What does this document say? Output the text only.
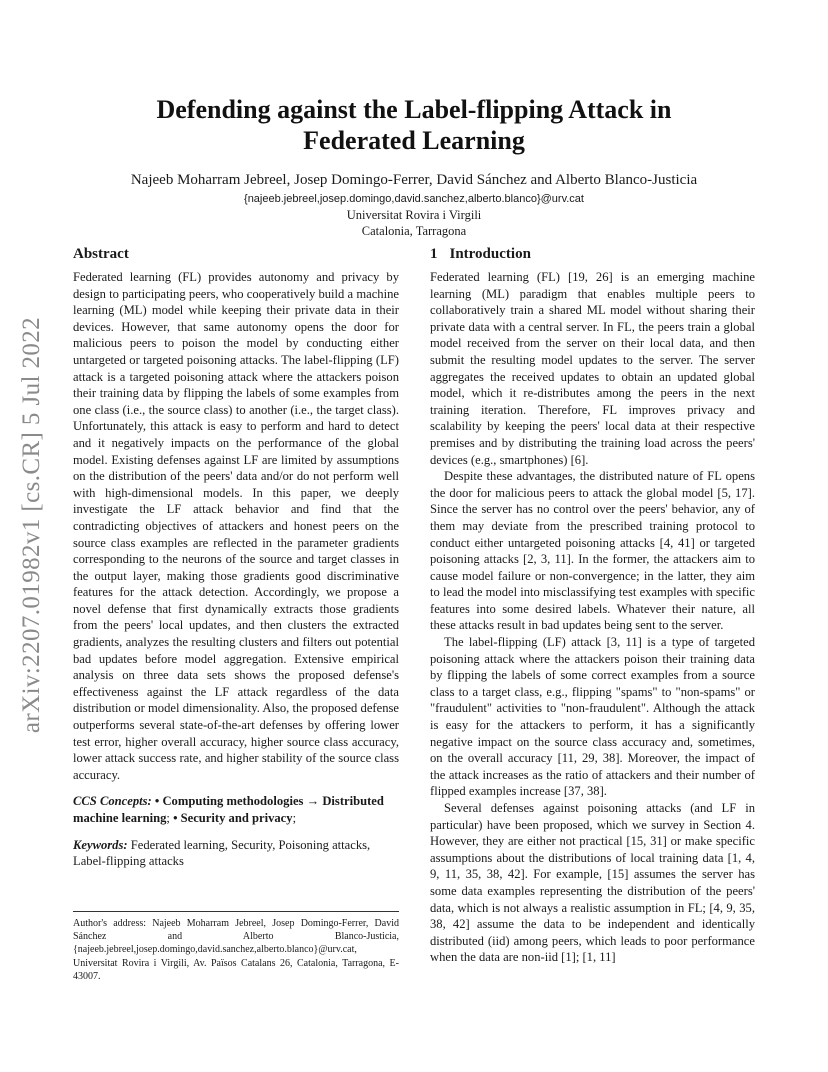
arXiv:2207.01982v1 [cs.CR] 5 Jul 2022
Defending against the Label-flipping Attack in
Federated Learning
Najeeb Moharram Jebreel, Josep Domingo-Ferrer, David Sánchez and Alberto Blanco-Justicia
{najeeb.jebreel,josep.domingo,david.sanchez,alberto.blanco}@urv.cat
Universitat Rovira i Virgili
Catalonia, Tarragona
Abstract

Federated learning (FL) provides autonomy and privacy by design to participating peers, who cooperatively build a machine learning (ML) model while keeping their private data in their devices. However, that same autonomy opens the door for malicious peers to poison the model by conducting either untargeted or targeted poisoning attacks. The label-flipping (LF) attack is a targeted poisoning attack where the attackers poison their training data by flipping the labels of some examples from one class (i.e., the source class) to another (i.e., the target class). Unfortunately, this attack is easy to perform and hard to detect and it negatively impacts on the performance of the global model. Existing defenses against LF are limited by assumptions on the distribution of the peers' data and/or do not perform well with high-dimensional models. In this paper, we deeply investigate the LF attack behavior and find that the contradicting objectives of attackers and honest peers on the source class examples are reflected in the parameter gradients corresponding to the neurons of the source and target classes in the output layer, making those gradients good discriminative features for the attack detection. Accordingly, we propose a novel defense that first dynamically extracts those gradients from the peers' local updates, and then clusters the extracted gradients, analyzes the resulting clusters and filters out potential bad updates before model aggregation. Extensive empirical analysis on three data sets shows the proposed defense's effectiveness against the LF attack regardless of the data distribution or model dimensionality. Also, the proposed defense outperforms several state-of-the-art defenses by offering lower test error, higher overall accuracy, higher source class accuracy, lower attack success rate, and higher stability of the source class accuracy.

CCS Concepts: • Computing methodologies → Distributed machine learning; • Security and privacy;
Keywords: Federated learning, Security, Poisoning attacks, Label-flipping attacks
Author's address: Najeeb Moharram Jebreel, Josep Domingo-Ferrer, David Sánchez and Alberto Blanco-Justicia, {najeeb.jebreel,josep.domingo,david.sanchez,alberto.blanco}@urv.cat, Universitat Rovira i Virgili, Av. Països Catalans 26, Catalonia, Tarragona, E-43007.
1 Introduction

Federated learning (FL) [19, 26] is an emerging machine learning (ML) paradigm that enables multiple peers to collaboratively train a shared ML model without sharing their private data with a central server. In FL, the peers train a global model received from the server on their local data, and then submit the resulting model updates to the server. The server aggregates the received updates to obtain an updated global model, which it re-distributes among the peers in the next training iteration. Therefore, FL improves privacy and scalability by keeping the peers' local data at their respective premises and by distributing the training load across the peers' devices (e.g., smartphones) [6].

Despite these advantages, the distributed nature of FL opens the door for malicious peers to attack the global model [5, 17]. Since the server has no control over the peers' behavior, any of them may deviate from the prescribed training protocol to conduct either untargeted poisoning attacks [4, 41] or targeted poisoning attacks [2, 3, 11]. In the former, the attackers aim to cause model failure or non-convergence; in the latter, they aim to lead the model into misclassifying test examples with specific features into some desired labels. Whatever their nature, all these attacks result in bad updates being sent to the server.

The label-flipping (LF) attack [3, 11] is a type of targeted poisoning attack where the attackers poison their training data by flipping the labels of some correct examples from a source class to a target class, e.g., flipping "spams" to "non-spams" or "fraudulent" activities to "non-fraudulent". Although the attack is easy for the attackers to perform, it has a significantly negative impact on the source class accuracy and, sometimes, on the overall accuracy [11, 29, 38]. Moreover, the impact of the attack increases as the ratio of attackers and their number of flipped examples increase [37, 38].

Several defenses against poisoning attacks (and LF in particular) have been proposed, which we survey in Section 4. However, they are either not practical [15, 31] or make specific assumptions about the distributions of local training data [1, 4, 9, 11, 35, 38, 42]. For example, [15] assumes the server has some data examples representing the distribution of the peers' data, which is not always a realistic assumption in FL; [4, 9, 35, 38, 42] assume the data to be independent and identically distributed (iid) among peers, which leads to poor performance when the data are non-iid [1]; [1, 11]
